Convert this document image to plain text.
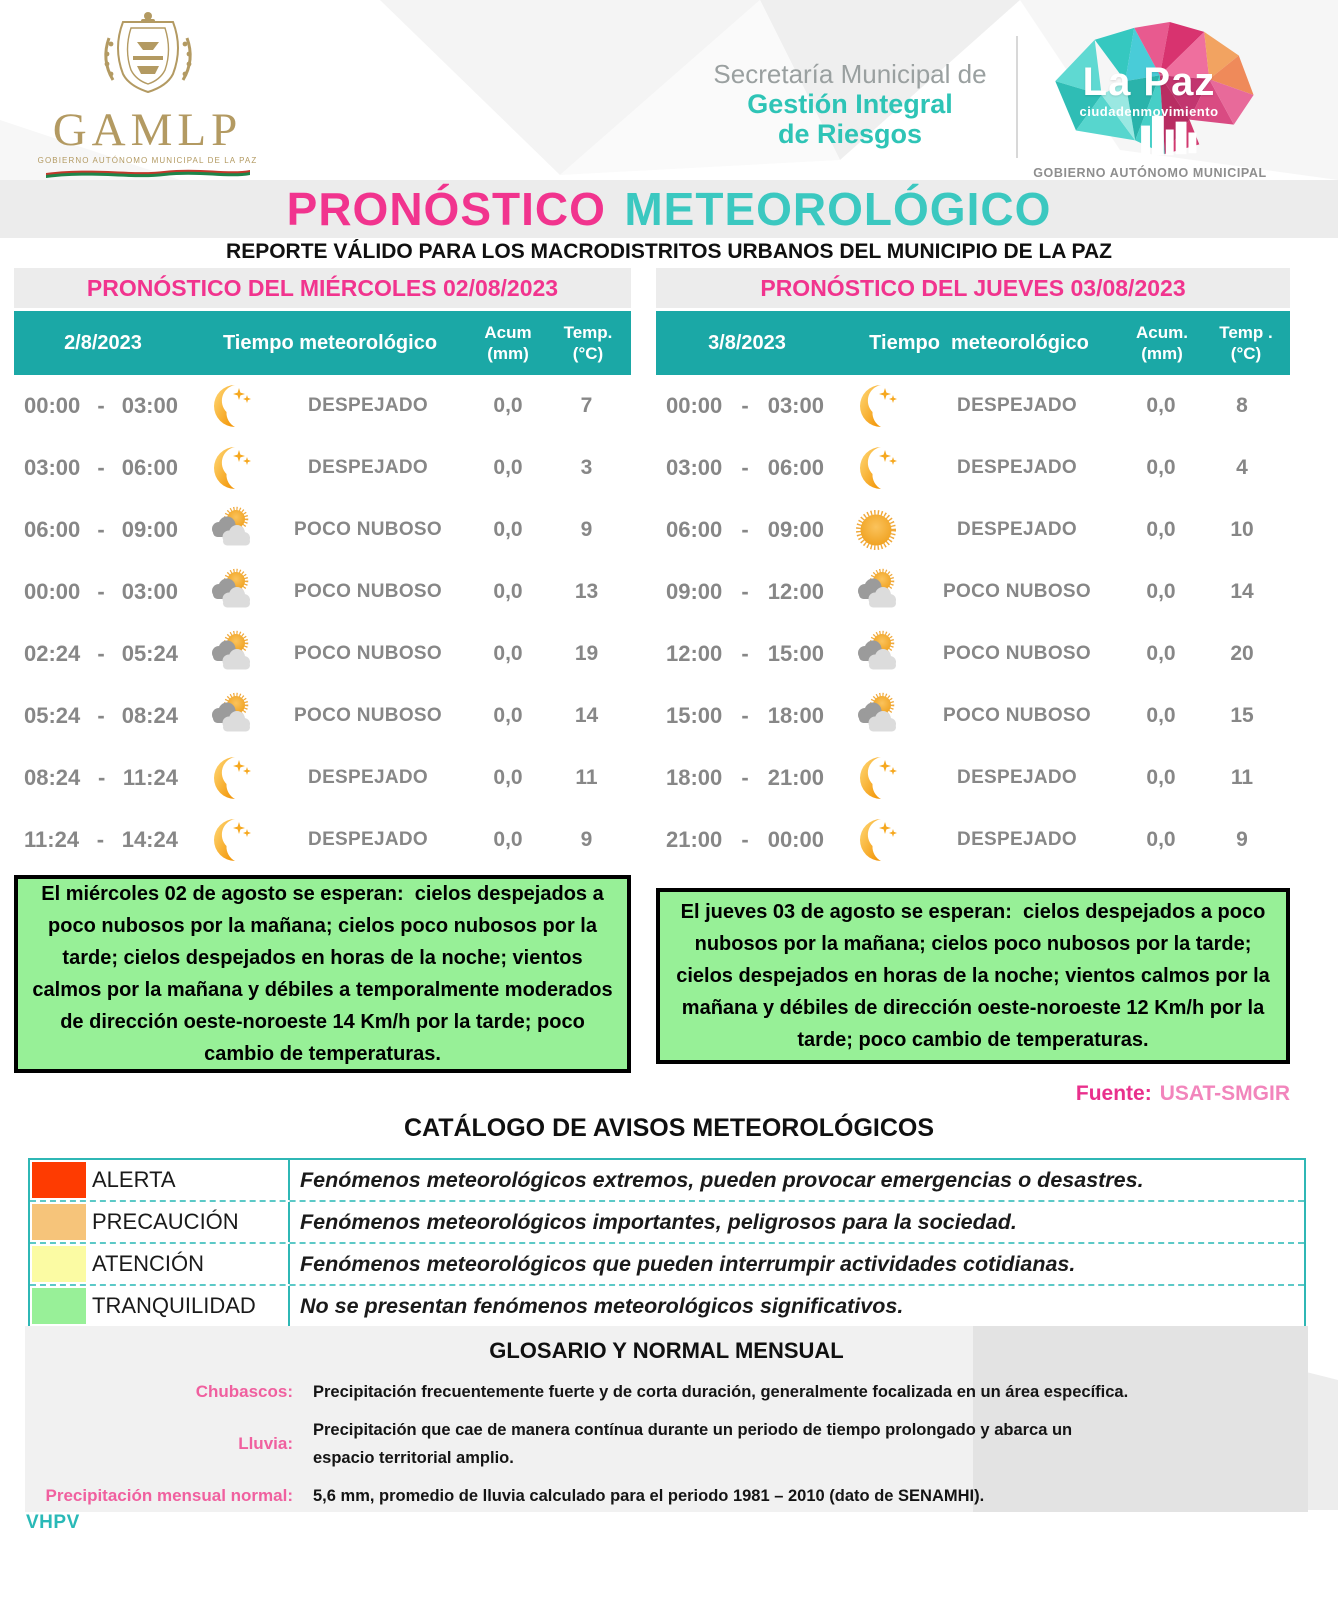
GAMLP
GOBIERNO AUTÓNOMO MUNICIPAL DE LA PAZ
Secretaría Municipal de
Gestión Integral
de Riesgos
La Paz
ciudadenmovimiento
GOBIERNO AUTÓNOMO MUNICIPAL
PRONÓSTICO METEOROLÓGICO
REPORTE VÁLIDO PARA LOS MACRODISTRITOS URBANOS DEL MUNICIPIO DE LA PAZ
PRONÓSTICO DEL MIÉRCOLES 02/08/2023
2/8/2023	Tiempo meteorológico	Acum
(mm)
Temp.
(°C)
00:00 - 03:00	DESPEJADO	0,0	7
03:00 - 06:00	DESPEJADO	0,0	3
06:00 - 09:00	POCO NUBOSO	0,0	9
00:00 - 03:00	POCO NUBOSO	0,0	13
02:24 - 05:24	POCO NUBOSO	0,0	19
05:24 - 08:24	POCO NUBOSO	0,0	14
08:24 - 11:24	DESPEJADO	0,0	11
11:24 - 14:24	DESPEJADO	0,0	9
PRONÓSTICO DEL JUEVES 03/08/2023
3/8/2023	Tiempo  meteorológico	Acum.
(mm)
Temp .
(°C)
00:00 - 03:00	DESPEJADO	0,0	8
03:00 - 06:00	DESPEJADO	0,0	4
06:00 - 09:00	DESPEJADO	0,0	10
09:00 - 12:00	POCO NUBOSO	0,0	14
12:00 - 15:00	POCO NUBOSO	0,0	20
15:00 - 18:00	POCO NUBOSO	0,0	15
18:00 - 21:00	DESPEJADO	0,0	11
21:00 - 00:00	DESPEJADO	0,0	9
El miércoles 02 de agosto se esperan:  cielos despejados a poco nubosos por la mañana; cielos poco nubosos por la tarde; cielos despejados en horas de la noche; vientos calmos por la mañana y débiles a temporalmente moderados de dirección oeste-noroeste 14 Km/h por la tarde; poco cambio de temperaturas.
El jueves 03 de agosto se esperan:  cielos despejados a poco nubosos por la mañana; cielos poco nubosos por la tarde; cielos despejados en horas de la noche; vientos calmos por la mañana y débiles de dirección oeste-noroeste 12 Km/h por la tarde; poco cambio de temperaturas.
Fuente: USAT-SMGIR
CATÁLOGO DE AVISOS METEOROLÓGICOS
ALERTA	Fenómenos meteorológicos extremos, pueden provocar emergencias o desastres.
PRECAUCIÓN	Fenómenos meteorológicos importantes, peligrosos para la sociedad.
ATENCIÓN	Fenómenos meteorológicos que pueden interrumpir actividades cotidianas.
TRANQUILIDAD	No se presentan fenómenos meteorológicos significativos.
GLOSARIO Y NORMAL MENSUAL
Chubascos:	Precipitación frecuentemente fuerte y de corta duración, generalmente focalizada en un área específica.
Lluvia:
Precipitación que cae de manera contínua durante un periodo de tiempo prolongado y abarca un espacio territorial amplio.
Precipitación mensual normal:	5,6 mm, promedio de lluvia calculado para el periodo 1981 – 2010 (dato de SENAMHI).
VHPV
